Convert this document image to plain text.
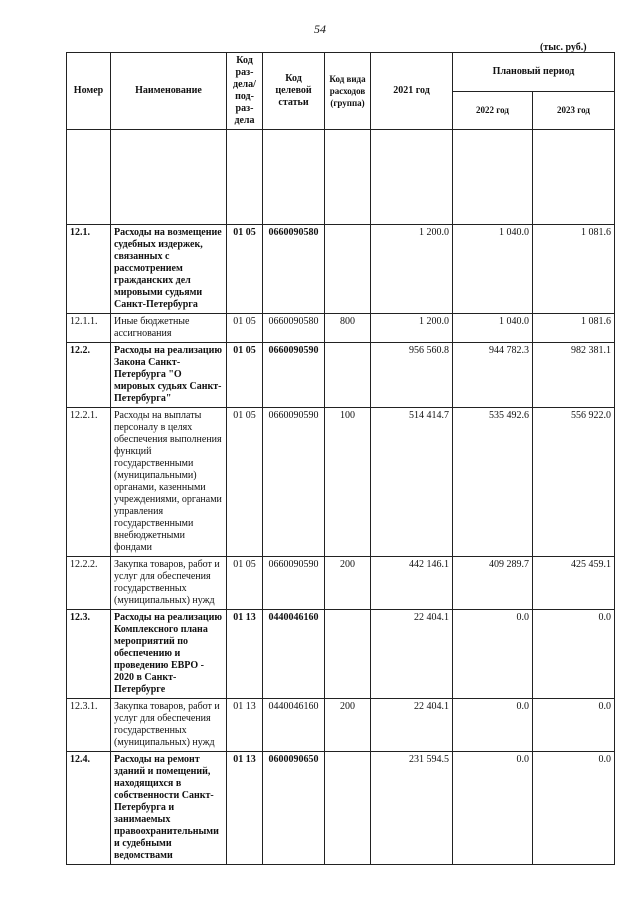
54
(тыс. руб.)
Номер	Наименование	Код раз-дела/ под-раз-дела	Код целевой статьи	Код вида расходов (группа)	2021 год	Плановый период	
						2022 год	2023 год

12.1.	Расходы на возмещение судебных издержек, связанных с рассмотрением гражданских дел мировыми судьями Санкт-Петербурга	01 05	0660090580		1 200.0	1 040.0	1 081.6
12.1.1.	Иные бюджетные ассигнования	01 05	0660090580	800	1 200.0	1 040.0	1 081.6
12.2.	Расходы на реализацию Закона Санкт-Петербурга "О мировых судьях Санкт-Петербурга"	01 05	0660090590		956 560.8	944 782.3	982 381.1
12.2.1.	Расходы на выплаты персоналу в целях обеспечения выполнения функций государственными (муниципальными) органами, казенными учреждениями, органами управления государственными внебюджетными фондами	01 05	0660090590	100	514 414.7	535 492.6	556 922.0
12.2.2.	Закупка товаров, работ и услуг для обеспечения государственных (муниципальных) нужд	01 05	0660090590	200	442 146.1	409 289.7	425 459.1
12.3.	Расходы на реализацию Комплексного плана мероприятий по обеспечению и проведению ЕВРО - 2020 в Санкт-Петербурге	01 13	0440046160		22 404.1	0.0	0.0
12.3.1.	Закупка товаров, работ и услуг для обеспечения государственных (муниципальных) нужд	01 13	0440046160	200	22 404.1	0.0	0.0
12.4.	Расходы на ремонт зданий и помещений, находящихся в собственности Санкт-Петербурга и занимаемых правоохранительными и судебными ведомствами	01 13	0600090650		231 594.5	0.0	0.0
